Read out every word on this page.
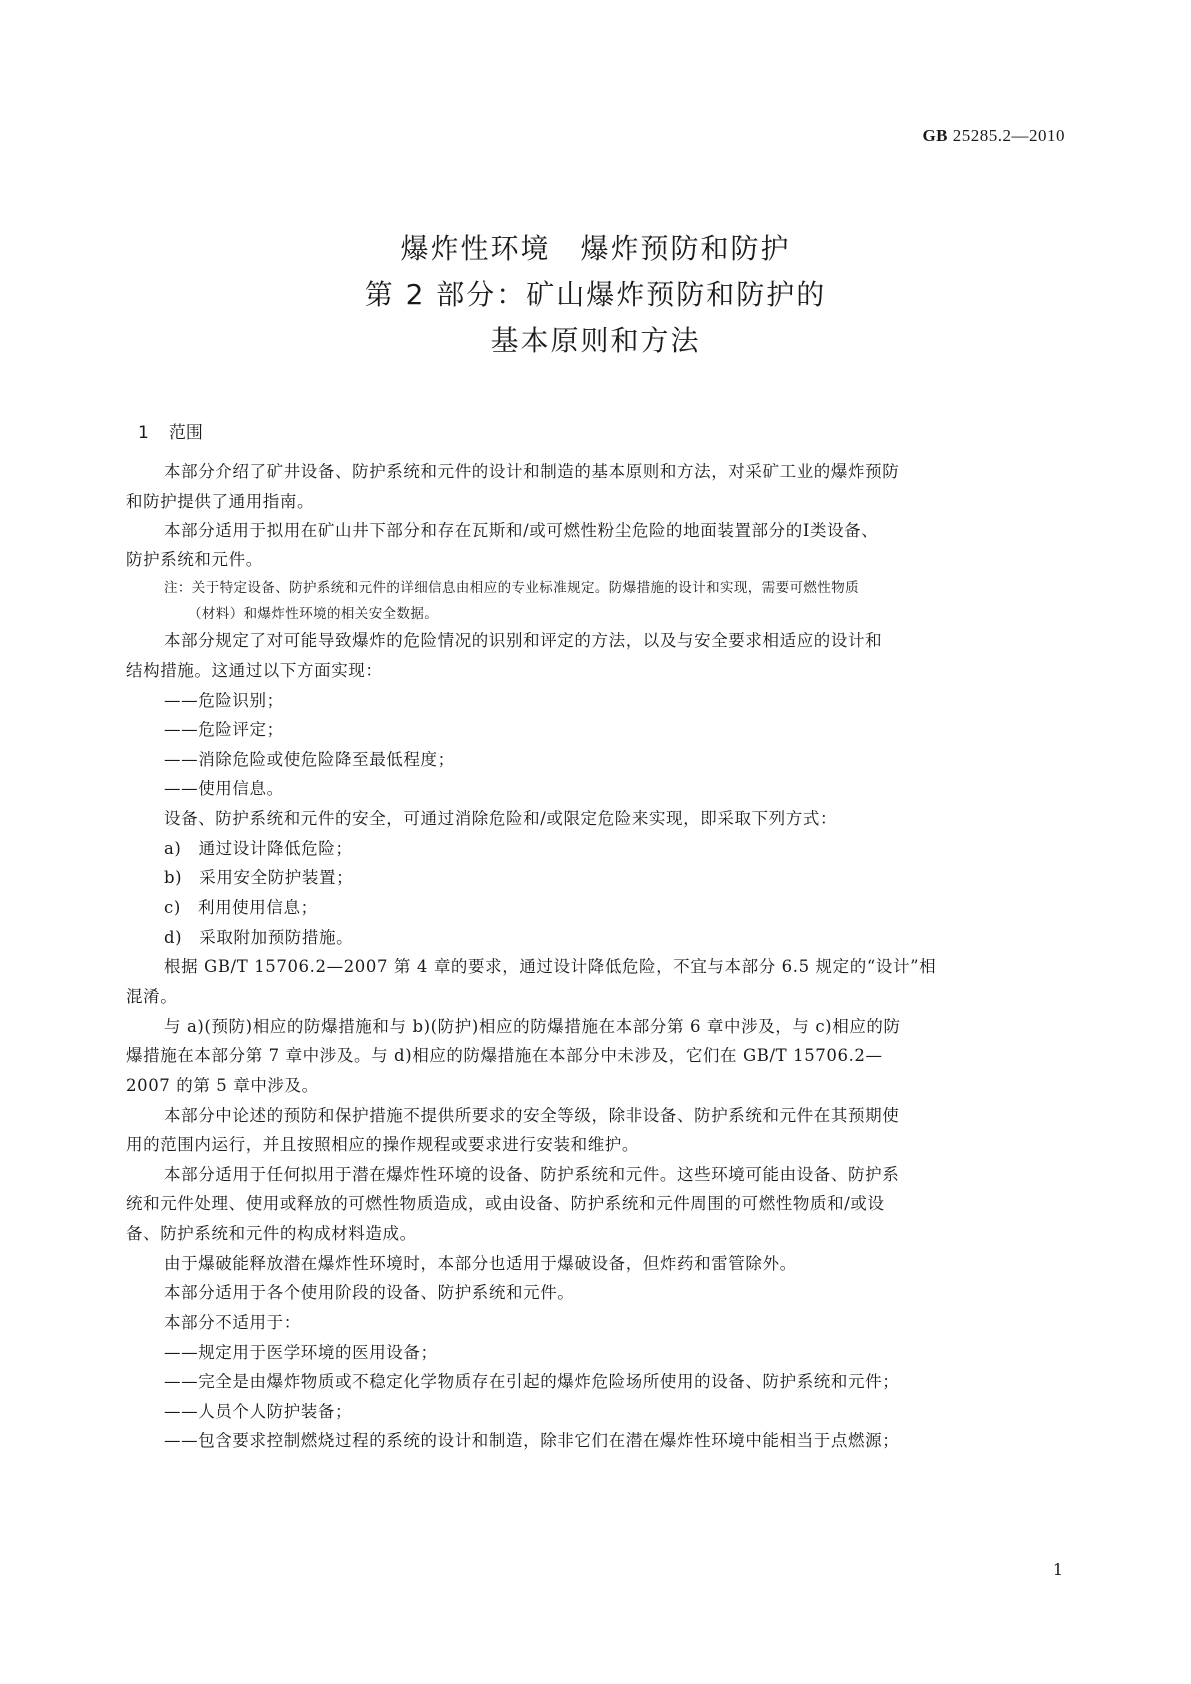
GB 25285.2—2010
爆炸性环境　爆炸预防和防护
第 2 部分：矿山爆炸预防和防护的
基本原则和方法
1 范围
本部分介绍了矿井设备、防护系统和元件的设计和制造的基本原则和方法，对采矿工业的爆炸预防
和防护提供了通用指南。
本部分适用于拟用在矿山井下部分和存在瓦斯和/或可燃性粉尘危险的地面装置部分的Ⅰ类设备、
防护系统和元件。
注：关于特定设备、防护系统和元件的详细信息由相应的专业标准规定。防爆措施的设计和实现，需要可燃性物质
（材料）和爆炸性环境的相关安全数据。
本部分规定了对可能导致爆炸的危险情况的识别和评定的方法，以及与安全要求相适应的设计和
结构措施。这通过以下方面实现：
——危险识别；
——危险评定；
——消除危险或使危险降至最低程度；
——使用信息。
设备、防护系统和元件的安全，可通过消除危险和/或限定危险来实现，即采取下列方式：
a)　通过设计降低危险；
b)　采用安全防护装置；
c)　利用使用信息；
d)　采取附加预防措施。
根据 GB/T 15706.2—2007 第 4 章的要求，通过设计降低危险，不宜与本部分 6.5 规定的“设计”相
混淆。
与 a)(预防)相应的防爆措施和与 b)(防护)相应的防爆措施在本部分第 6 章中涉及，与 c)相应的防
爆措施在本部分第 7 章中涉及。与 d)相应的防爆措施在本部分中未涉及，它们在 GB/T 15706.2—
2007 的第 5 章中涉及。
本部分中论述的预防和保护措施不提供所要求的安全等级，除非设备、防护系统和元件在其预期使
用的范围内运行，并且按照相应的操作规程或要求进行安装和维护。
本部分适用于任何拟用于潜在爆炸性环境的设备、防护系统和元件。这些环境可能由设备、防护系
统和元件处理、使用或释放的可燃性物质造成，或由设备、防护系统和元件周围的可燃性物质和/或设
备、防护系统和元件的构成材料造成。
由于爆破能释放潜在爆炸性环境时，本部分也适用于爆破设备，但炸药和雷管除外。
本部分适用于各个使用阶段的设备、防护系统和元件。
本部分不适用于：
——规定用于医学环境的医用设备；
——完全是由爆炸物质或不稳定化学物质存在引起的爆炸危险场所使用的设备、防护系统和元件；
——人员个人防护装备；
——包含要求控制燃烧过程的系统的设计和制造，除非它们在潜在爆炸性环境中能相当于点燃源；
1
